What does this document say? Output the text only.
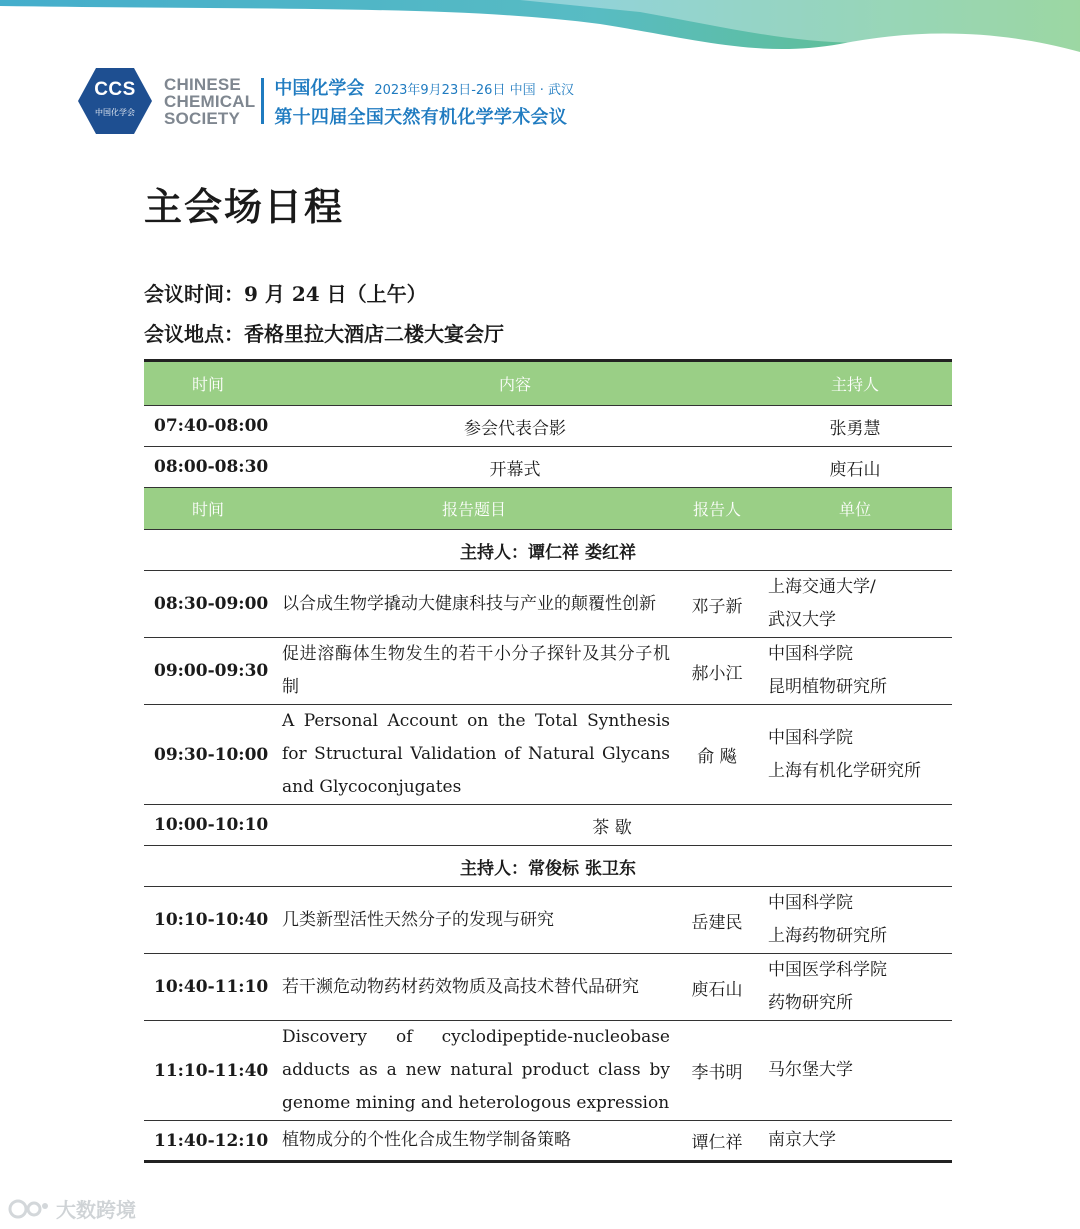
CCS
中国化学会
CHINESE
CHEMICAL
SOCIETY
中国化学会 2023年9月23日-26日 中国 · 武汉
第十四届全国天然有机化学学术会议
主会场日程
会议时间：9 月 24 日（上午）
会议地点：香格里拉大酒店二楼大宴会厅
时间	内容		主持人
07:40-08:00	参会代表合影		张勇慧
08:00-08:30	开幕式		庾石山
时间	报告题目	报告人	单位
主持人：谭仁祥 娄红祥			
08:30-09:00	以合成生物学撬动大健康科技与产业的颠覆性创新	邓子新	上海交通大学/
武汉大学

09:00-09:30	促进溶酶体生物发生的若干小分子探针及其分子机制	郝小江	中国科学院
昆明植物研究所

09:30-10:00	A Personal Account on the Total Synthesis for Structural Validation of Natural Glycans and Glycoconjugates	俞 飚	中国科学院
上海有机化学研究所

10:00-10:10	茶 歇		
主持人：常俊标 张卫东			
10:10-10:40	几类新型活性天然分子的发现与研究	岳建民	中国科学院
上海药物研究所

10:40-11:10	若干濒危动物药材药效物质及高技术替代品研究	庾石山	中国医学科学院
药物研究所

11:10-11:40	Discovery of cyclodipeptide-nucleobase adducts as a new natural product class by genome mining and heterologous expression	李书明	马尔堡大学

11:40-12:10	植物成分的个性化合成生物学制备策略	谭仁祥	南京大学
大数跨境
